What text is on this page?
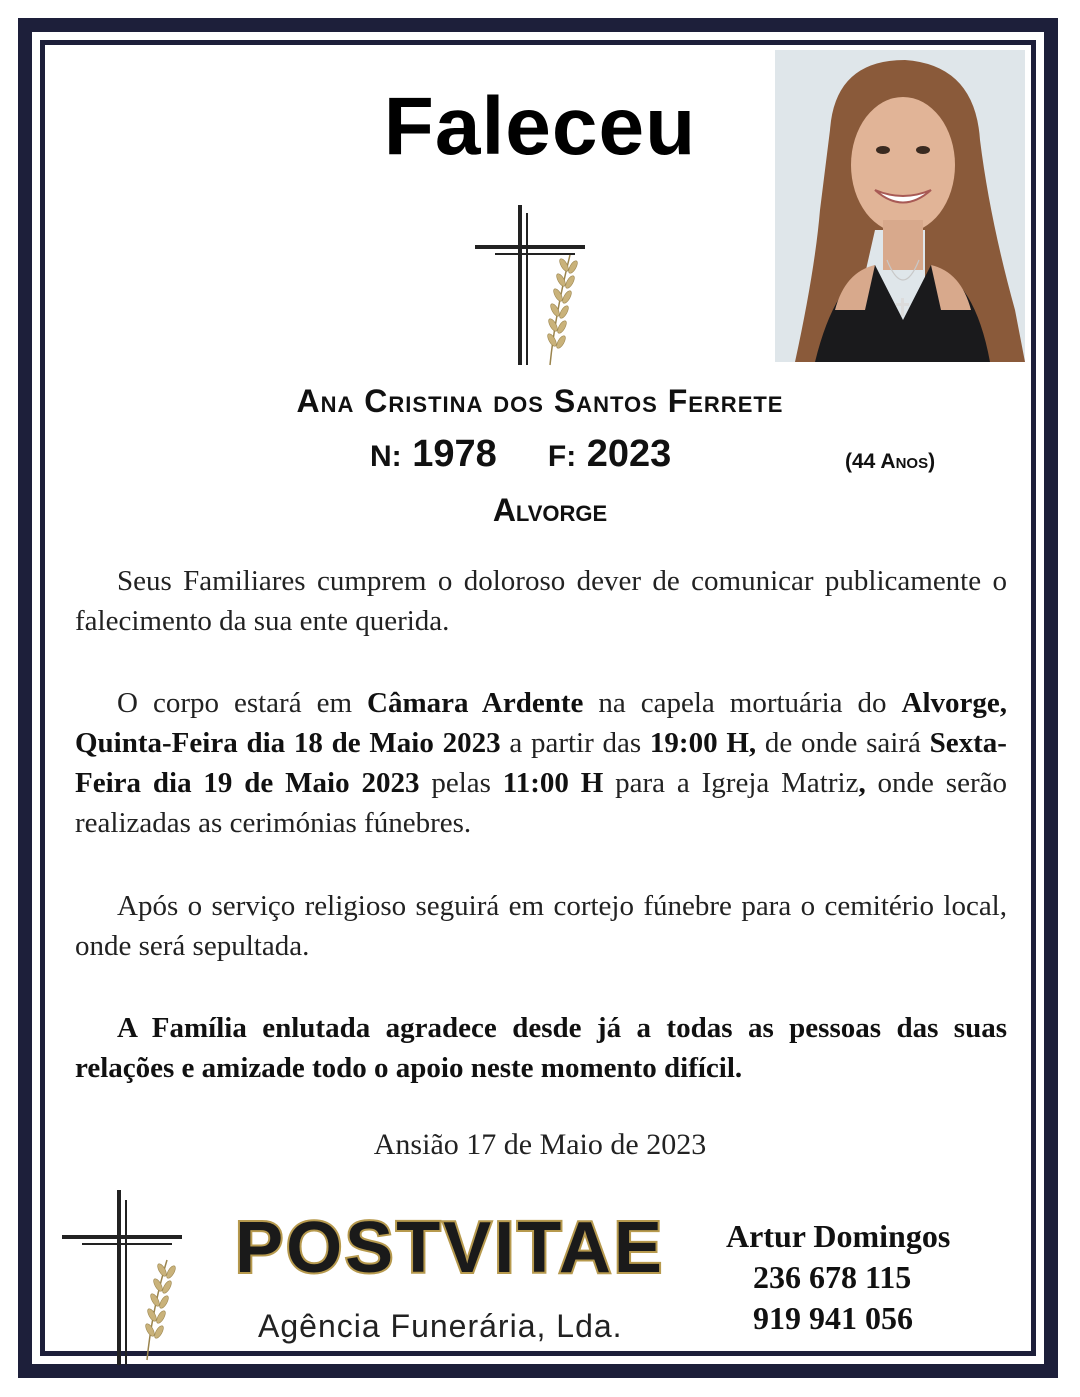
Faleceu
Ana Cristina dos Santos Ferrete
N: 1978 F: 2023	(44 Anos)
Alvorge
Seus Familiares cumprem o doloroso dever de comunicar publicamente o falecimento da sua ente querida.
O corpo estará em Câmara Ardente na capela mortuária do Alvorge, Quinta-Feira dia 18 de Maio 2023 a partir das 19:00 H, de onde sairá Sexta-Feira dia 19 de Maio 2023 pelas 11:00 H para a Igreja Matriz, onde serão realizadas as cerimónias fúnebres.
Após o serviço religioso seguirá em cortejo fúnebre para o cemitério local, onde será sepultada.
A Família enlutada agradece desde já a todas as pessoas das suas relações e amizade todo o apoio neste momento difícil.
Ansião 17 de Maio de 2023
POSTVITAE
Agência Funerária, Lda.
Artur Domingos
236 678 115
919 941 056
